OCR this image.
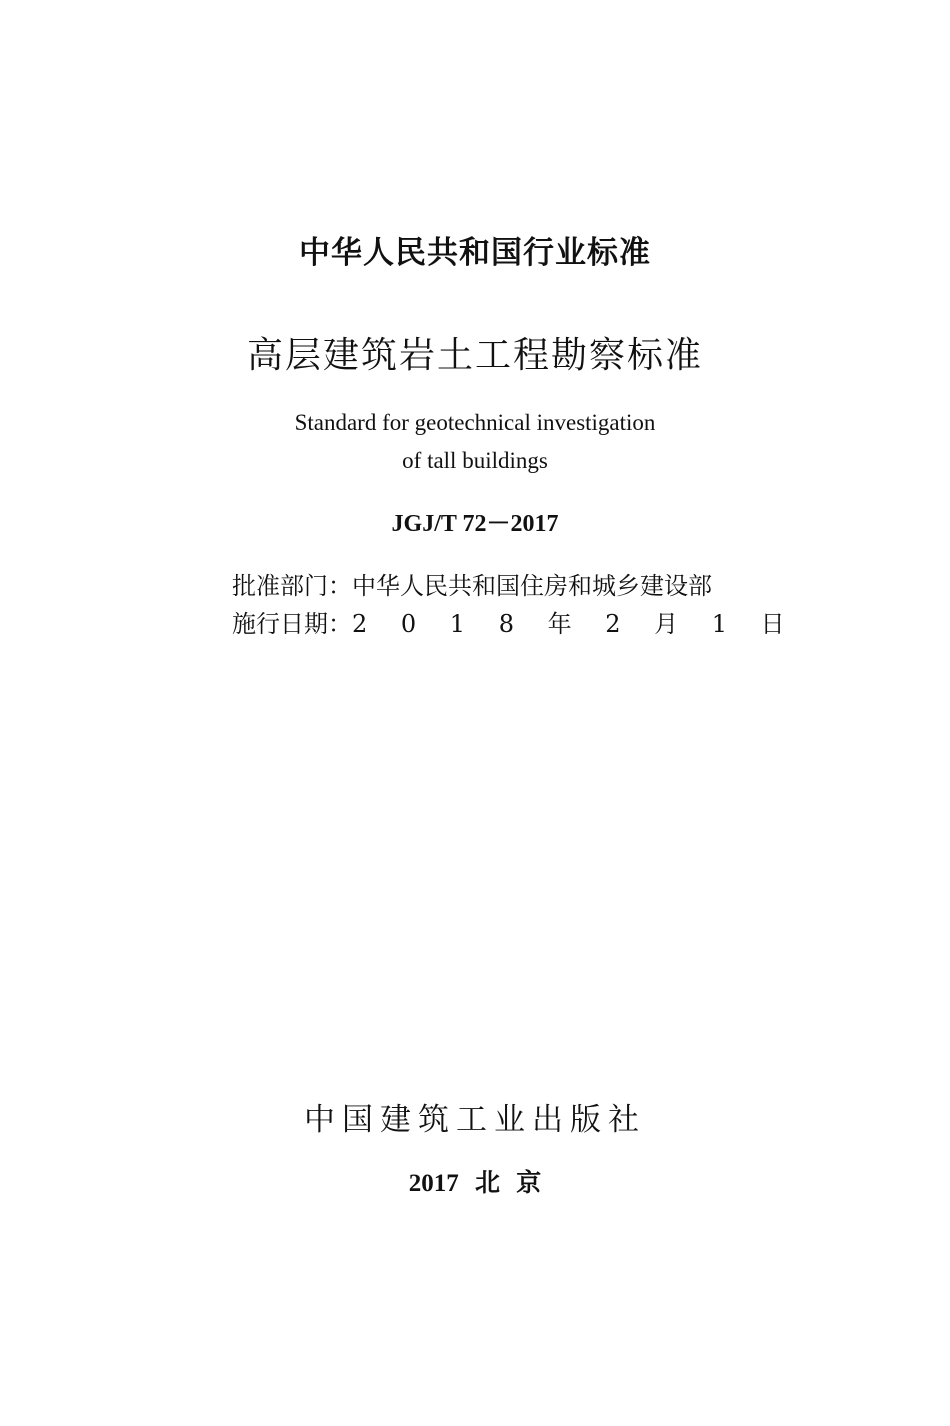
中华人民共和国行业标准
高层建筑岩土工程勘察标准
Standard for geotechnical investigation
of tall buildings
JGJ/T 72－2017
批准部门：中华人民共和国住房和城乡建设部
施行日期：2 0 1 8 年 2 月 1 日
中国建筑工业出版社
2017 北 京
